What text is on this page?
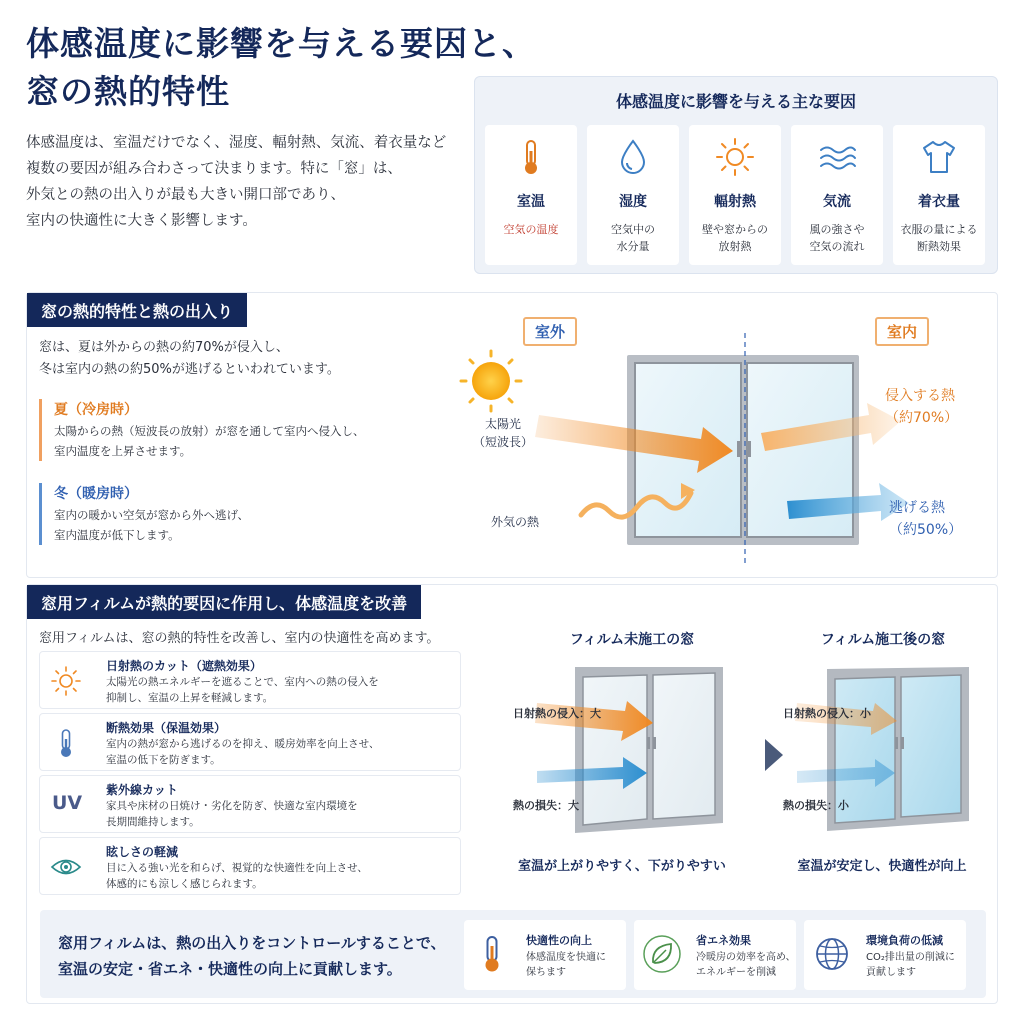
体感温度に影響を与える要因と、
窓の熱的特性
体感温度は、室温だけでなく、湿度、輻射熱、気流、着衣量など
複数の要因が組み合わさって決まります。特に「窓」は、
外気との熱の出入りが最も大きい開口部であり、
室内の快適性に大きく影響します。
体感温度に影響を与える主な要因
室温
空気の温度
湿度
空気中の
水分量
輻射熱
壁や窓からの
放射熱
気流
風の強さや
空気の流れ
着衣量
衣服の量による
断熱効果
窓の熱的特性と熱の出入り
窓は、夏は外からの熱の約70%が侵入し、
冬は室内の熱の約50%が逃げるといわれています。
夏（冷房時）
太陽からの熱（短波長の放射）が窓を通して室内へ侵入し、
室内温度を上昇させます。
冬（暖房時）
室内の暖かい空気が窓から外へ逃げ、
室内温度が低下します。
室外	室内
太陽光
（短波長）
外気の熱
侵入する熱
（約70%）
逃げる熱
（約50%）
窓用フィルムが熱的要因に作用し、体感温度を改善
窓用フィルムは、窓の熱的特性を改善し、室内の快適性を高めます。
日射熱のカット（遮熱効果）
太陽光の熱エネルギーを遮ることで、室内への熱の侵入を
抑制し、室温の上昇を軽減します。
断熱効果（保温効果）
室内の熱が窓から逃げるのを抑え、暖房効率を向上させ、
室温の低下を防ぎます。
UV
紫外線カット
家具や床材の日焼け・劣化を防ぎ、快適な室内環境を
長期間維持します。
眩しさの軽減
目に入る強い光を和らげ、視覚的な快適性を向上させ、
体感的にも涼しく感じられます。
フィルム未施工の窓	フィルム施工後の窓
日射熱の侵入：大
熱の損失：大
日射熱の侵入：小
熱の損失：小
室温が上がりやすく、下がりやすい	室温が安定し、快適性が向上
窓用フィルムは、熱の出入りをコントロールすることで、
室温の安定・省エネ・快適性の向上に貢献します。
快適性の向上
体感温度を快適に
保ちます
省エネ効果
冷暖房の効率を高め、
エネルギーを削減
環境負荷の低減
CO₂排出量の削減に
貢献します
